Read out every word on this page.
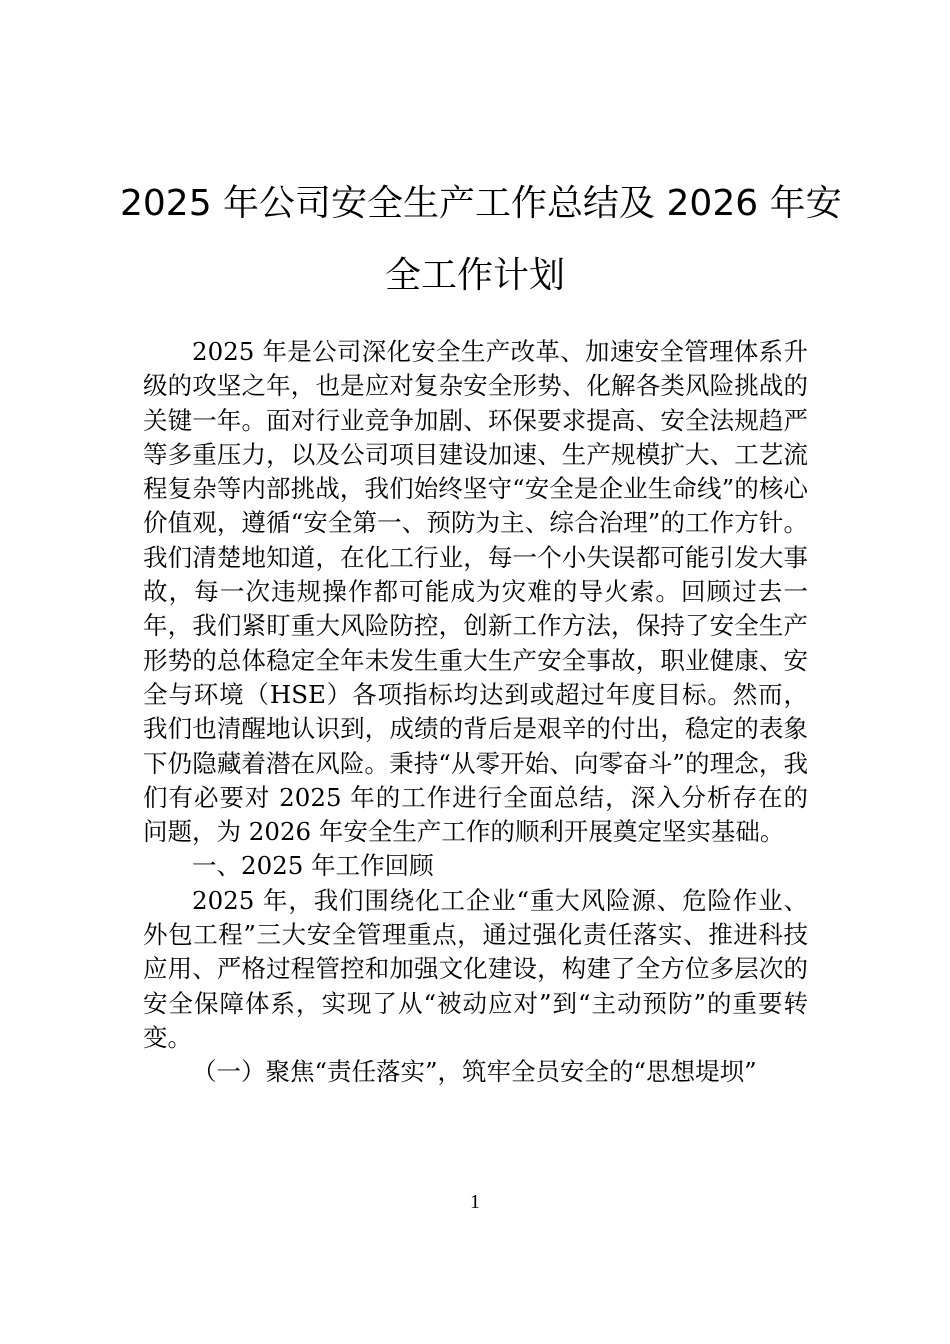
2025 年公司安全生产工作总结及 2026 年安
全工作计划

2025 年是公司深化安全生产改革、加速安全管理体系升级的攻坚之年，也是应对复杂安全形势、化解各类风险挑战的关键一年。面对行业竞争加剧、环保要求提高、安全法规趋严等多重压力，以及公司项目建设加速、生产规模扩大、工艺流程复杂等内部挑战，我们始终坚守“安全是企业生命线”的核心价值观，遵循“安全第一、预防为主、综合治理”的工作方针。我们清楚地知道，在化工行业，每一个小失误都可能引发大事故，每一次违规操作都可能成为灾难的导火索。回顾过去一年，我们紧盯重大风险防控，创新工作方法，保持了安全生产形势的总体稳定全年未发生重大生产安全事故，职业健康、安全与环境（HSE）各项指标均达到或超过年度目标。然而，我们也清醒地认识到，成绩的背后是艰辛的付出，稳定的表象下仍隐藏着潜在风险。秉持“从零开始、向零奋斗”的理念，我们有必要对 2025 年的工作进行全面总结，深入分析存在的问题，为 2026 年安全生产工作的顺利开展奠定坚实基础。

一、2025 年工作回顾

2025 年，我们围绕化工企业“重大风险源、危险作业、外包工程”三大安全管理重点，通过强化责任落实、推进科技应用、严格过程管控和加强文化建设，构建了全方位多层次的安全保障体系，实现了从“被动应对”到“主动预防”的重要转变。

（一）聚焦“责任落实”，筑牢全员安全的“思想堤坝”

1
